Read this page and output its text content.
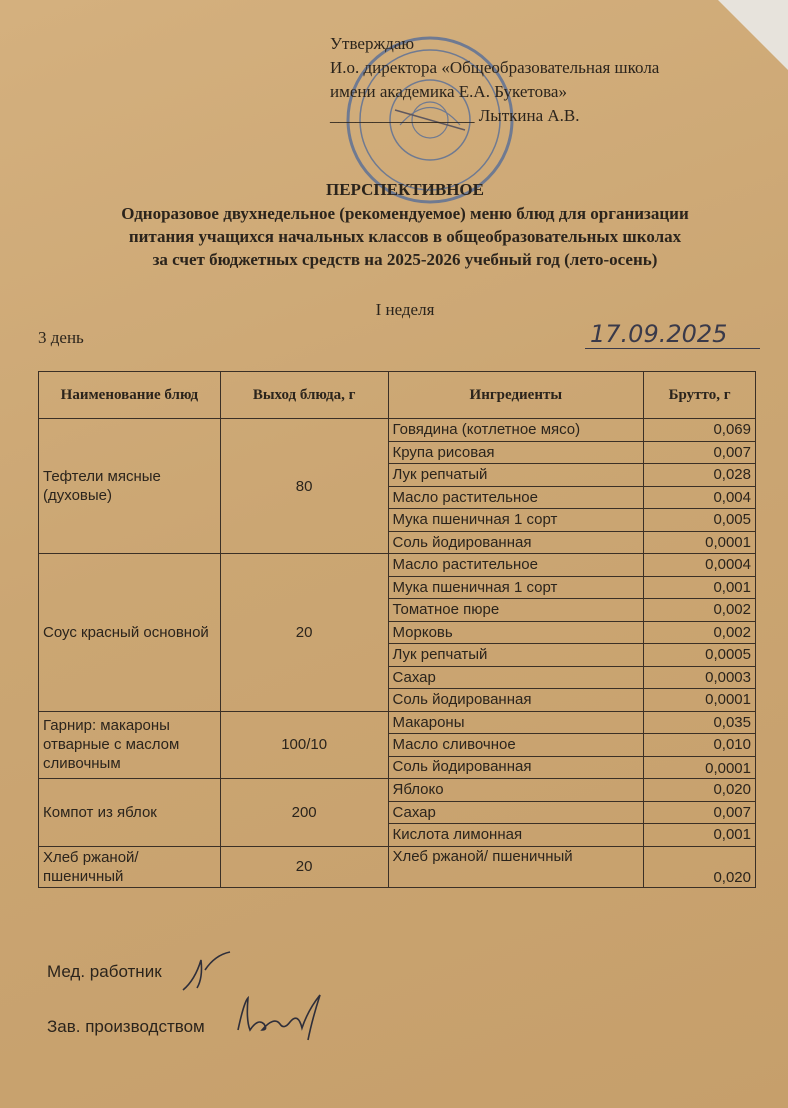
Утверждаю
И.о. директора «Общеобразовательная школа
имени академика Е.А. Букетова»
_________________ Лыткина А.В.
ПЕРСПЕКТИВНОЕ
Одноразовое двухнедельное (рекомендуемое) меню блюд для организации
питания учащихся начальных классов в общеобразовательных школах
за счет бюджетных средств на 2025-2026 учебный год (лето-осень)
I неделя
3 день	17.09.2025
Наименование блюд	Выход блюда, г	Ингредиенты	Брутто, г
Тефтели мясные (духовые)	80	Говядина (котлетное мясо)	0,069
		Крупа рисовая	0,007
		Лук репчатый	0,028
		Масло растительное	0,004
		Мука пшеничная 1 сорт	0,005
		Соль йодированная	0,0001
Соус красный основной	20	Масло растительное	0,0004
		Мука пшеничная 1 сорт	0,001
		Томатное пюре	0,002
		Морковь	0,002
		Лук репчатый	0,0005
		Сахар	0,0003
		Соль йодированная	0,0001
Гарнир: макароны отварные с маслом сливочным	100/10	Макароны	0,035
		Масло сливочное	0,010
		Соль йодированная	0,0001
Компот из яблок	200	Яблоко	0,020
		Сахар	0,007
		Кислота лимонная	0,001
Хлеб ржаной/ пшеничный	20	Хлеб ржаной/ пшеничный	0,020
Мед. работник
Зав. производством
